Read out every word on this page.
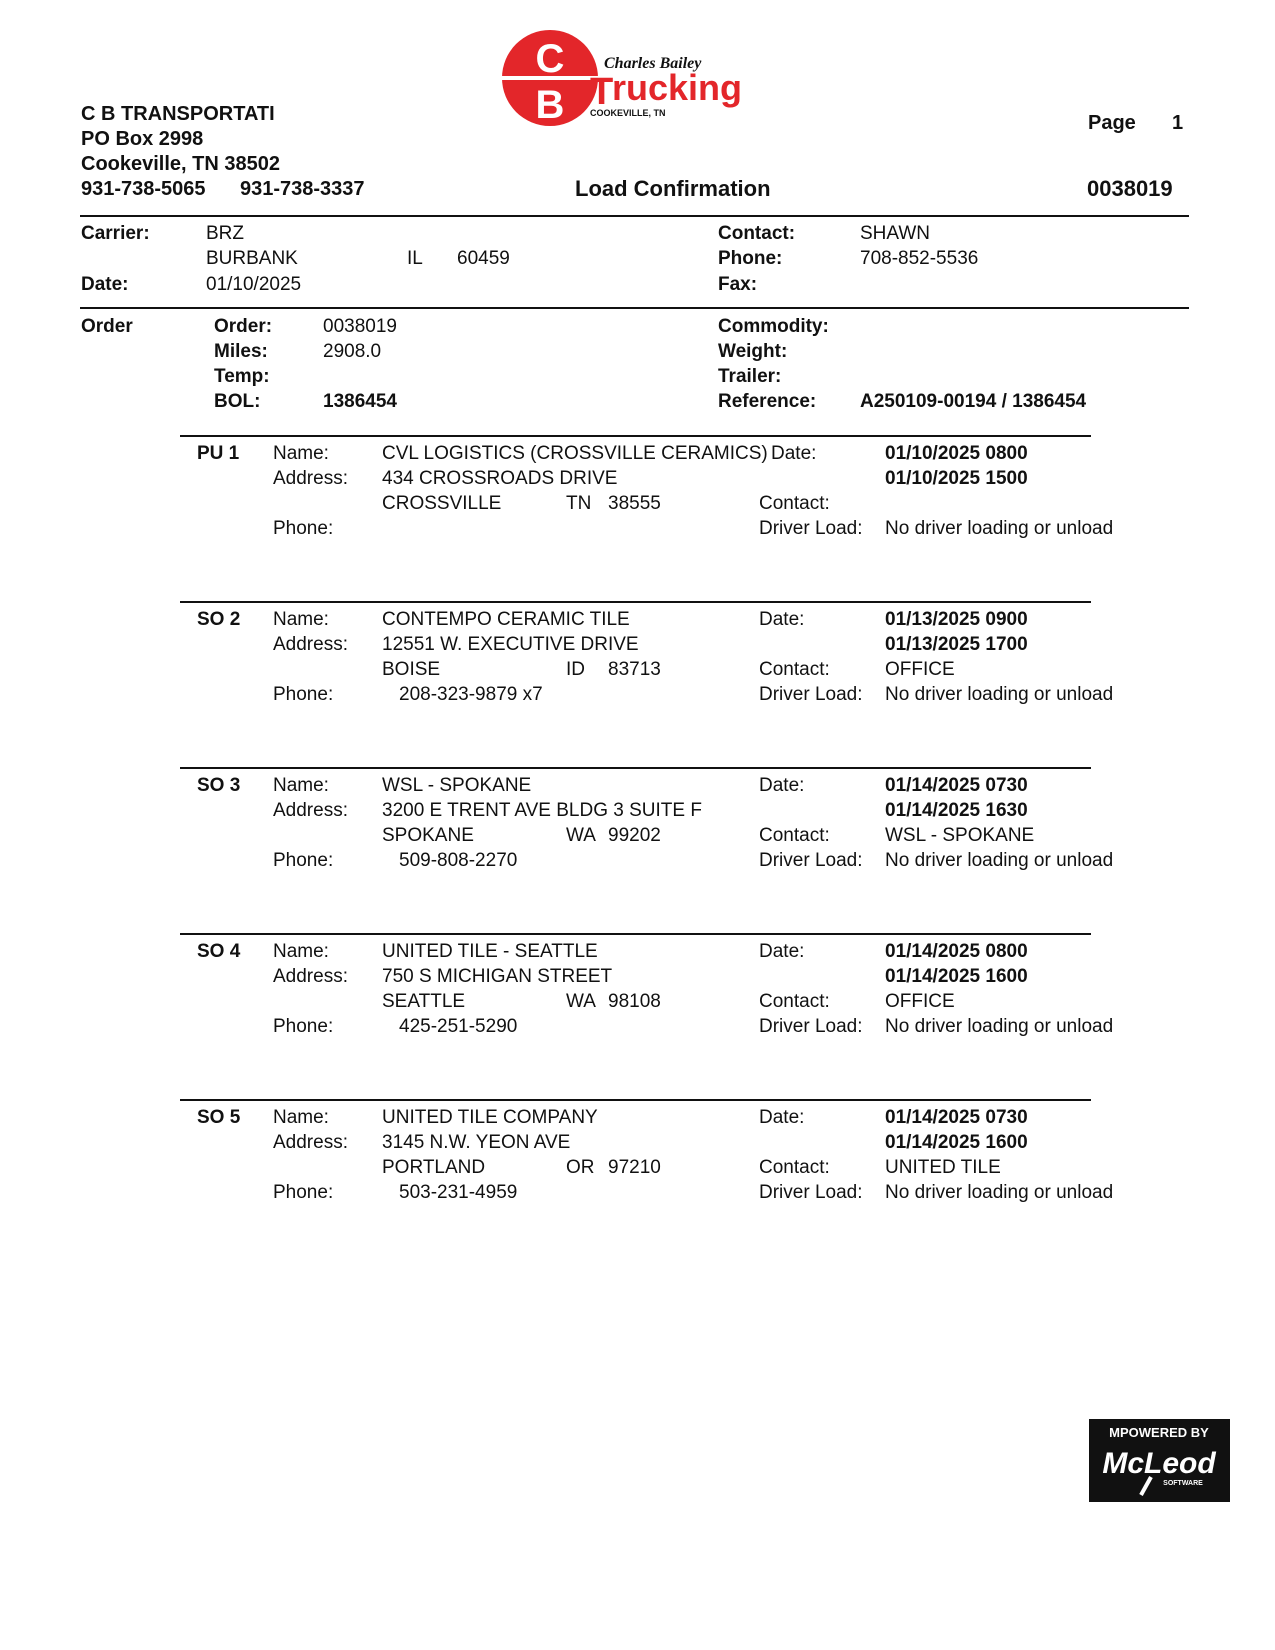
C
B
Charles Bailey
T
rucking
COOKEVILLE, TN
C B TRANSPORTATI
PO Box 2998
Cookeville, TN 38502
931-738-5065 931-738-3337
Page 1
Load Confirmation	0038019
Carrier:	BRZ
BURBANK	IL 60459
Date:	01/10/2025
Contact:	SHAWN
Phone:	708-852-5536
Fax:
Order	Order:	0038019
Miles:	2908.0
Temp:
BOL:	1386454
Commodity:
Weight:
Trailer:
Reference: A250109-00194 / 1386454
PU 1 Name:	CVL LOGISTICS (CROSSVILLE CERAMICS)
Address: 434 CROSSROADS DRIVE
CROSSVILLE	TN 38555
Phone:
Date:	01/10/2025 0800
01/10/2025 1500
Contact:
Driver Load: No driver loading or unload
SO 2 Name:	CONTEMPO CERAMIC TILE
Address: 12551 W. EXECUTIVE DRIVE
BOISE	ID 83713
Phone:	208-323-9879 x7
Date:	01/13/2025 0900
01/13/2025 1700
Contact:	OFFICE
Driver Load: No driver loading or unload
SO 3 Name:	WSL - SPOKANE
Address: 3200 E TRENT AVE BLDG 3 SUITE F
SPOKANE	WA 99202
Phone:	509-808-2270
Date:	01/14/2025 0730
01/14/2025 1630
Contact:	WSL - SPOKANE
Driver Load: No driver loading or unload
SO 4 Name:	UNITED TILE - SEATTLE
Address: 750 S MICHIGAN STREET
SEATTLE	WA 98108
Phone:	425-251-5290
Date:	01/14/2025 0800
01/14/2025 1600
Contact:	OFFICE
Driver Load: No driver loading or unload
SO 5 Name:	UNITED TILE COMPANY
Address: 3145 N.W. YEON AVE
PORTLAND	OR 97210
Phone:	503-231-4959
Date:	01/14/2025 0730
01/14/2025 1600
Contact:	UNITED TILE
Driver Load: No driver loading or unload
MPOWERED BY
McLeod
SOFTWARE
